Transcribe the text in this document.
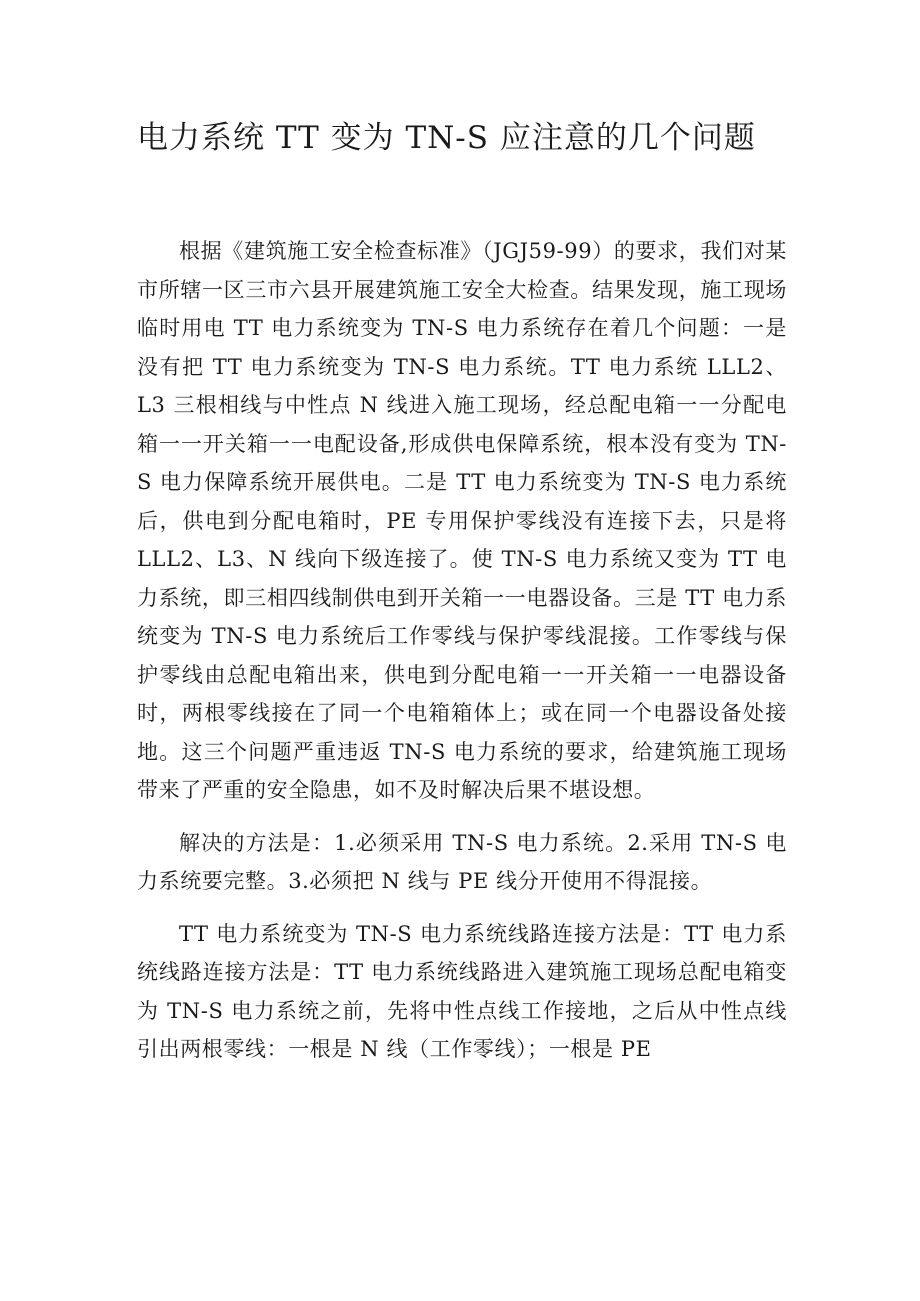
电力系统 TT 变为 TN-S 应注意的几个问题

根据《建筑施工安全检查标准》（JGJ59-99）的要求，我们对某市所辖一区三市六县开展建筑施工安全大检查。结果发现，施工现场临时用电 TT 电力系统变为 TN-S 电力系统存在着几个问题：一是没有把 TT 电力系统变为 TN-S 电力系统。TT 电力系统 LLL2、L3 三根相线与中性点 N 线进入施工现场，经总配电箱一一分配电箱一一开关箱一一电配设备,形成供电保障系统，根本没有变为 TN-S 电力保障系统开展供电。二是 TT 电力系统变为 TN-S 电力系统后，供电到分配电箱时，PE 专用保护零线没有连接下去，只是将 LLL2、L3、N 线向下级连接了。使 TN-S 电力系统又变为 TT 电力系统，即三相四线制供电到开关箱一一电器设备。三是 TT 电力系统变为 TN-S 电力系统后工作零线与保护零线混接。工作零线与保护零线由总配电箱出来，供电到分配电箱一一开关箱一一电器设备时，两根零线接在了同一个电箱箱体上；或在同一个电器设备处接地。这三个问题严重违返 TN-S 电力系统的要求，给建筑施工现场带来了严重的安全隐患，如不及时解决后果不堪设想。

解决的方法是：1.必须采用 TN-S 电力系统。2.采用 TN-S 电力系统要完整。3.必须把 N 线与 PE 线分开使用不得混接。

TT 电力系统变为 TN-S 电力系统线路连接方法是：TT 电力系统线路连接方法是：TT 电力系统线路进入建筑施工现场总配电箱变为 TN-S 电力系统之前，先将中性点线工作接地，之后从中性点线引出两根零线：一根是 N 线（工作零线）；一根是 PE
